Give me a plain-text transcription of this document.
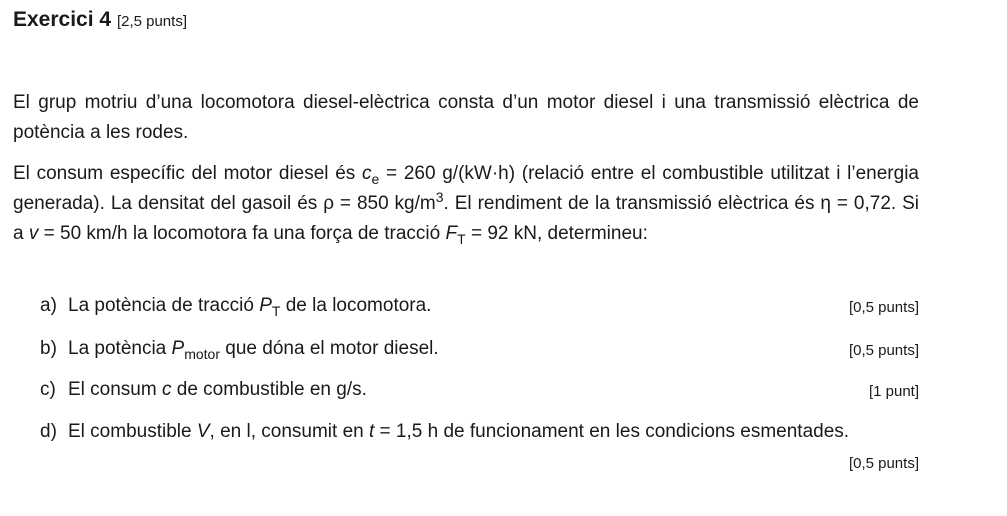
Exercici 4 [2,5 punts]
El grup motriu d’una locomotora diesel-elèctrica consta d’un motor diesel i una transmissió elèctrica de potència a les rodes.
El consum específic del motor diesel és $c_e = 260$ g/(kW·h) (relació entre el combustible utilitzat i l’energia generada). La densitat del gasoil és ρ = 850 $kg/m^3$. El rendiment de la transmissió elèctrica és η = 0,72. Si a v = 50 km/h la locomotora fa una força de tracció $F_T = 92$ kN, determineu:
a) La potència de tracció $P_T$ de la locomotora.	[0,5 punts]
b) La potència $P_{motor}$ que dóna el motor diesel.	[0,5 punts]
c) El consum c de combustible en g/s.	[1 punt]
d) El combustible V, en l, consumit en t = 1,5 h de funcionament en les condicions esmentades.
[0,5 punts]
